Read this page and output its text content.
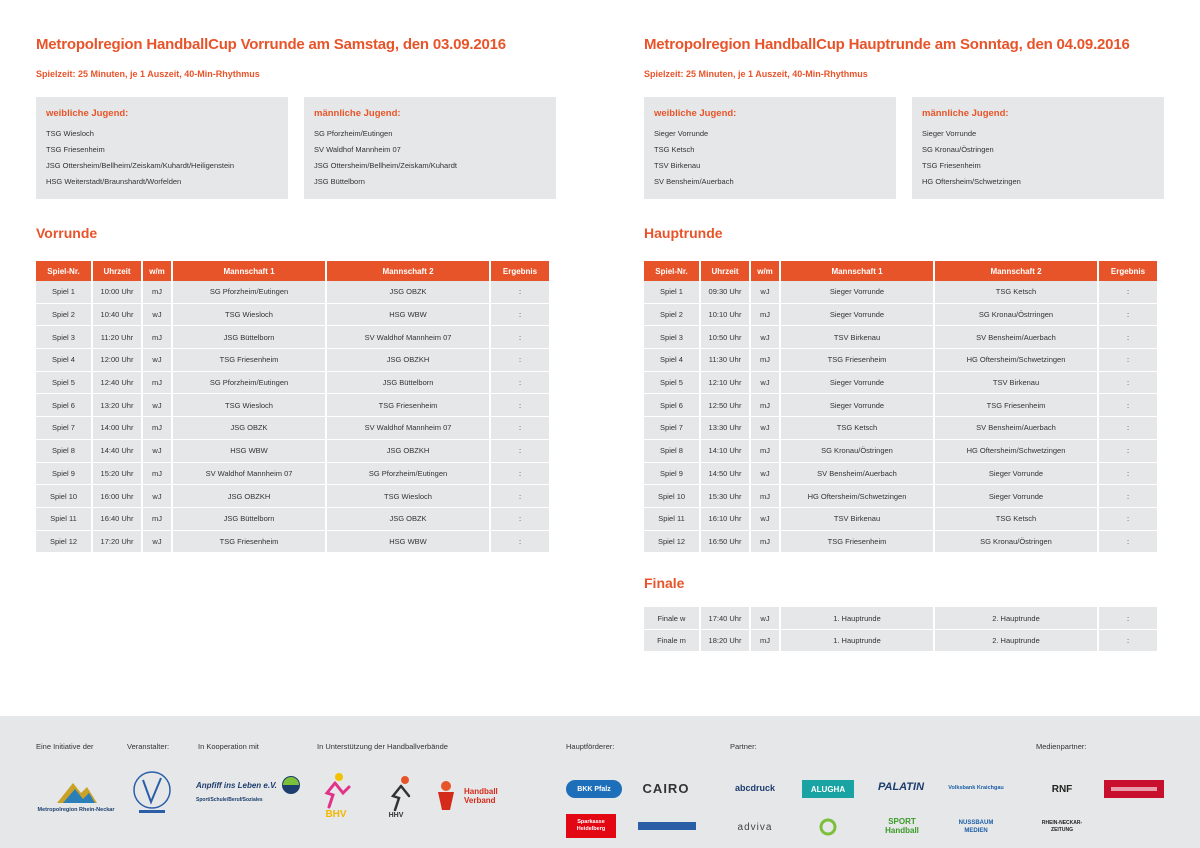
Metropolregion HandballCup Vorrunde am Samstag, den 03.09.2016
Spielzeit: 25 Minuten, je 1 Auszeit, 40-Min-Rhythmus
weibliche Jugend:
TSG Wiesloch
TSG Friesenheim
JSG Ottersheim/Bellheim/Zeiskam/Kuhardt/Heiligenstein
HSG Weiterstadt/Braunshardt/Worfelden
männliche Jugend:
SG Pforzheim/Eutingen
SV Waldhof Mannheim 07
JSG Ottersheim/Bellheim/Zeiskam/Kuhardt
JSG Büttelborn
Vorrunde
Spiel-Nr.	Uhrzeit	w/m	Mannschaft 1	Mannschaft 2	Ergebnis
Spiel 1	10:00 Uhr	mJ	SG Pforzheim/Eutingen	JSG OBZK	:
Spiel 2	10:40 Uhr	wJ	TSG Wiesloch	HSG WBW	:
Spiel 3	11:20 Uhr	mJ	JSG Büttelborn	SV Waldhof Mannheim 07	:
Spiel 4	12:00 Uhr	wJ	TSG Friesenheim	JSG OBZKH	:
Spiel 5	12:40 Uhr	mJ	SG Pforzheim/Eutingen	JSG Büttelborn	:
Spiel 6	13:20 Uhr	wJ	TSG Wiesloch	TSG Friesenheim	:
Spiel 7	14:00 Uhr	mJ	JSG OBZK	SV Waldhof Mannheim 07	:
Spiel 8	14:40 Uhr	wJ	HSG WBW	JSG OBZKH	:
Spiel 9	15:20 Uhr	mJ	SV Waldhof Mannheim 07	SG Pforzheim/Eutingen	:
Spiel 10	16:00 Uhr	wJ	JSG OBZKH	TSG Wiesloch	:
Spiel 11	16:40 Uhr	mJ	JSG Büttelborn	JSG OBZK	:
Spiel 12	17:20 Uhr	wJ	TSG Friesenheim	HSG WBW	:
Metropolregion HandballCup Hauptrunde am Sonntag, den 04.09.2016
Spielzeit: 25 Minuten, je 1 Auszeit, 40-Min-Rhythmus
weibliche Jugend:
Sieger Vorrunde
TSG Ketsch
TSV Birkenau
SV Bensheim/Auerbach
männliche Jugend:
Sieger Vorrunde
SG Kronau/Östringen
TSG Friesenheim
HG Oftersheim/Schwetzingen
Hauptrunde
Spiel-Nr.	Uhrzeit	w/m	Mannschaft 1	Mannschaft 2	Ergebnis
Spiel 1	09:30 Uhr	wJ	Sieger Vorrunde	TSG Ketsch	:
Spiel 2	10:10 Uhr	mJ	Sieger Vorrunde	SG Kronau/Östrringen	:
Spiel 3	10:50 Uhr	wJ	TSV Birkenau	SV Bensheim/Auerbach	:
Spiel 4	11:30 Uhr	mJ	TSG Friesenheim	HG Oftersheim/Schwetzingen	:
Spiel 5	12:10 Uhr	wJ	Sieger Vorrunde	TSV Birkenau	:
Spiel 6	12:50 Uhr	mJ	Sieger Vorrunde	TSG Friesenheim	:
Spiel 7	13:30 Uhr	wJ	TSG Ketsch	SV Bensheim/Auerbach	:
Spiel 8	14:10 Uhr	mJ	SG Kronau/Östringen	HG Oftersheim/Schwetzingen	:
Spiel 9	14:50 Uhr	wJ	SV Bensheim/Auerbach	Sieger Vorrunde	:
Spiel 10	15:30 Uhr	mJ	HG Oftersheim/Schwetzingen	Sieger Vorrunde	:
Spiel 11	16:10 Uhr	wJ	TSV Birkenau	TSG Ketsch	:
Spiel 12	16:50 Uhr	mJ	TSG Friesenheim	SG Kronau/Östringen	:
Finale
Finale w	17:40 Uhr	wJ	1. Hauptrunde	2. Hauptrunde	:
Finale m	18:20 Uhr	mJ	1. Hauptrunde	2. Hauptrunde	:
Eine Initiative der	Veranstalter:	In Kooperation mit	In Unterstützung der Handballverbände	Hauptförderer:	Partner:	Medienpartner:
Metropolregion Rhein-Neckar
Anpfiff ins Leben e.V.
Sport/Schule/Beruf/Soziales
BHV	HHV
Handball Verband
BKK Pfalz	CAIRO
Sparkasse Heidelberg
abcdruck	ALUGHA	PALATIN	Volksbank Kraichgau
adviva	SPORT Handball
NUSSBAUM MEDIEN
RNF
RHEIN-NECKAR-ZEITUNG
